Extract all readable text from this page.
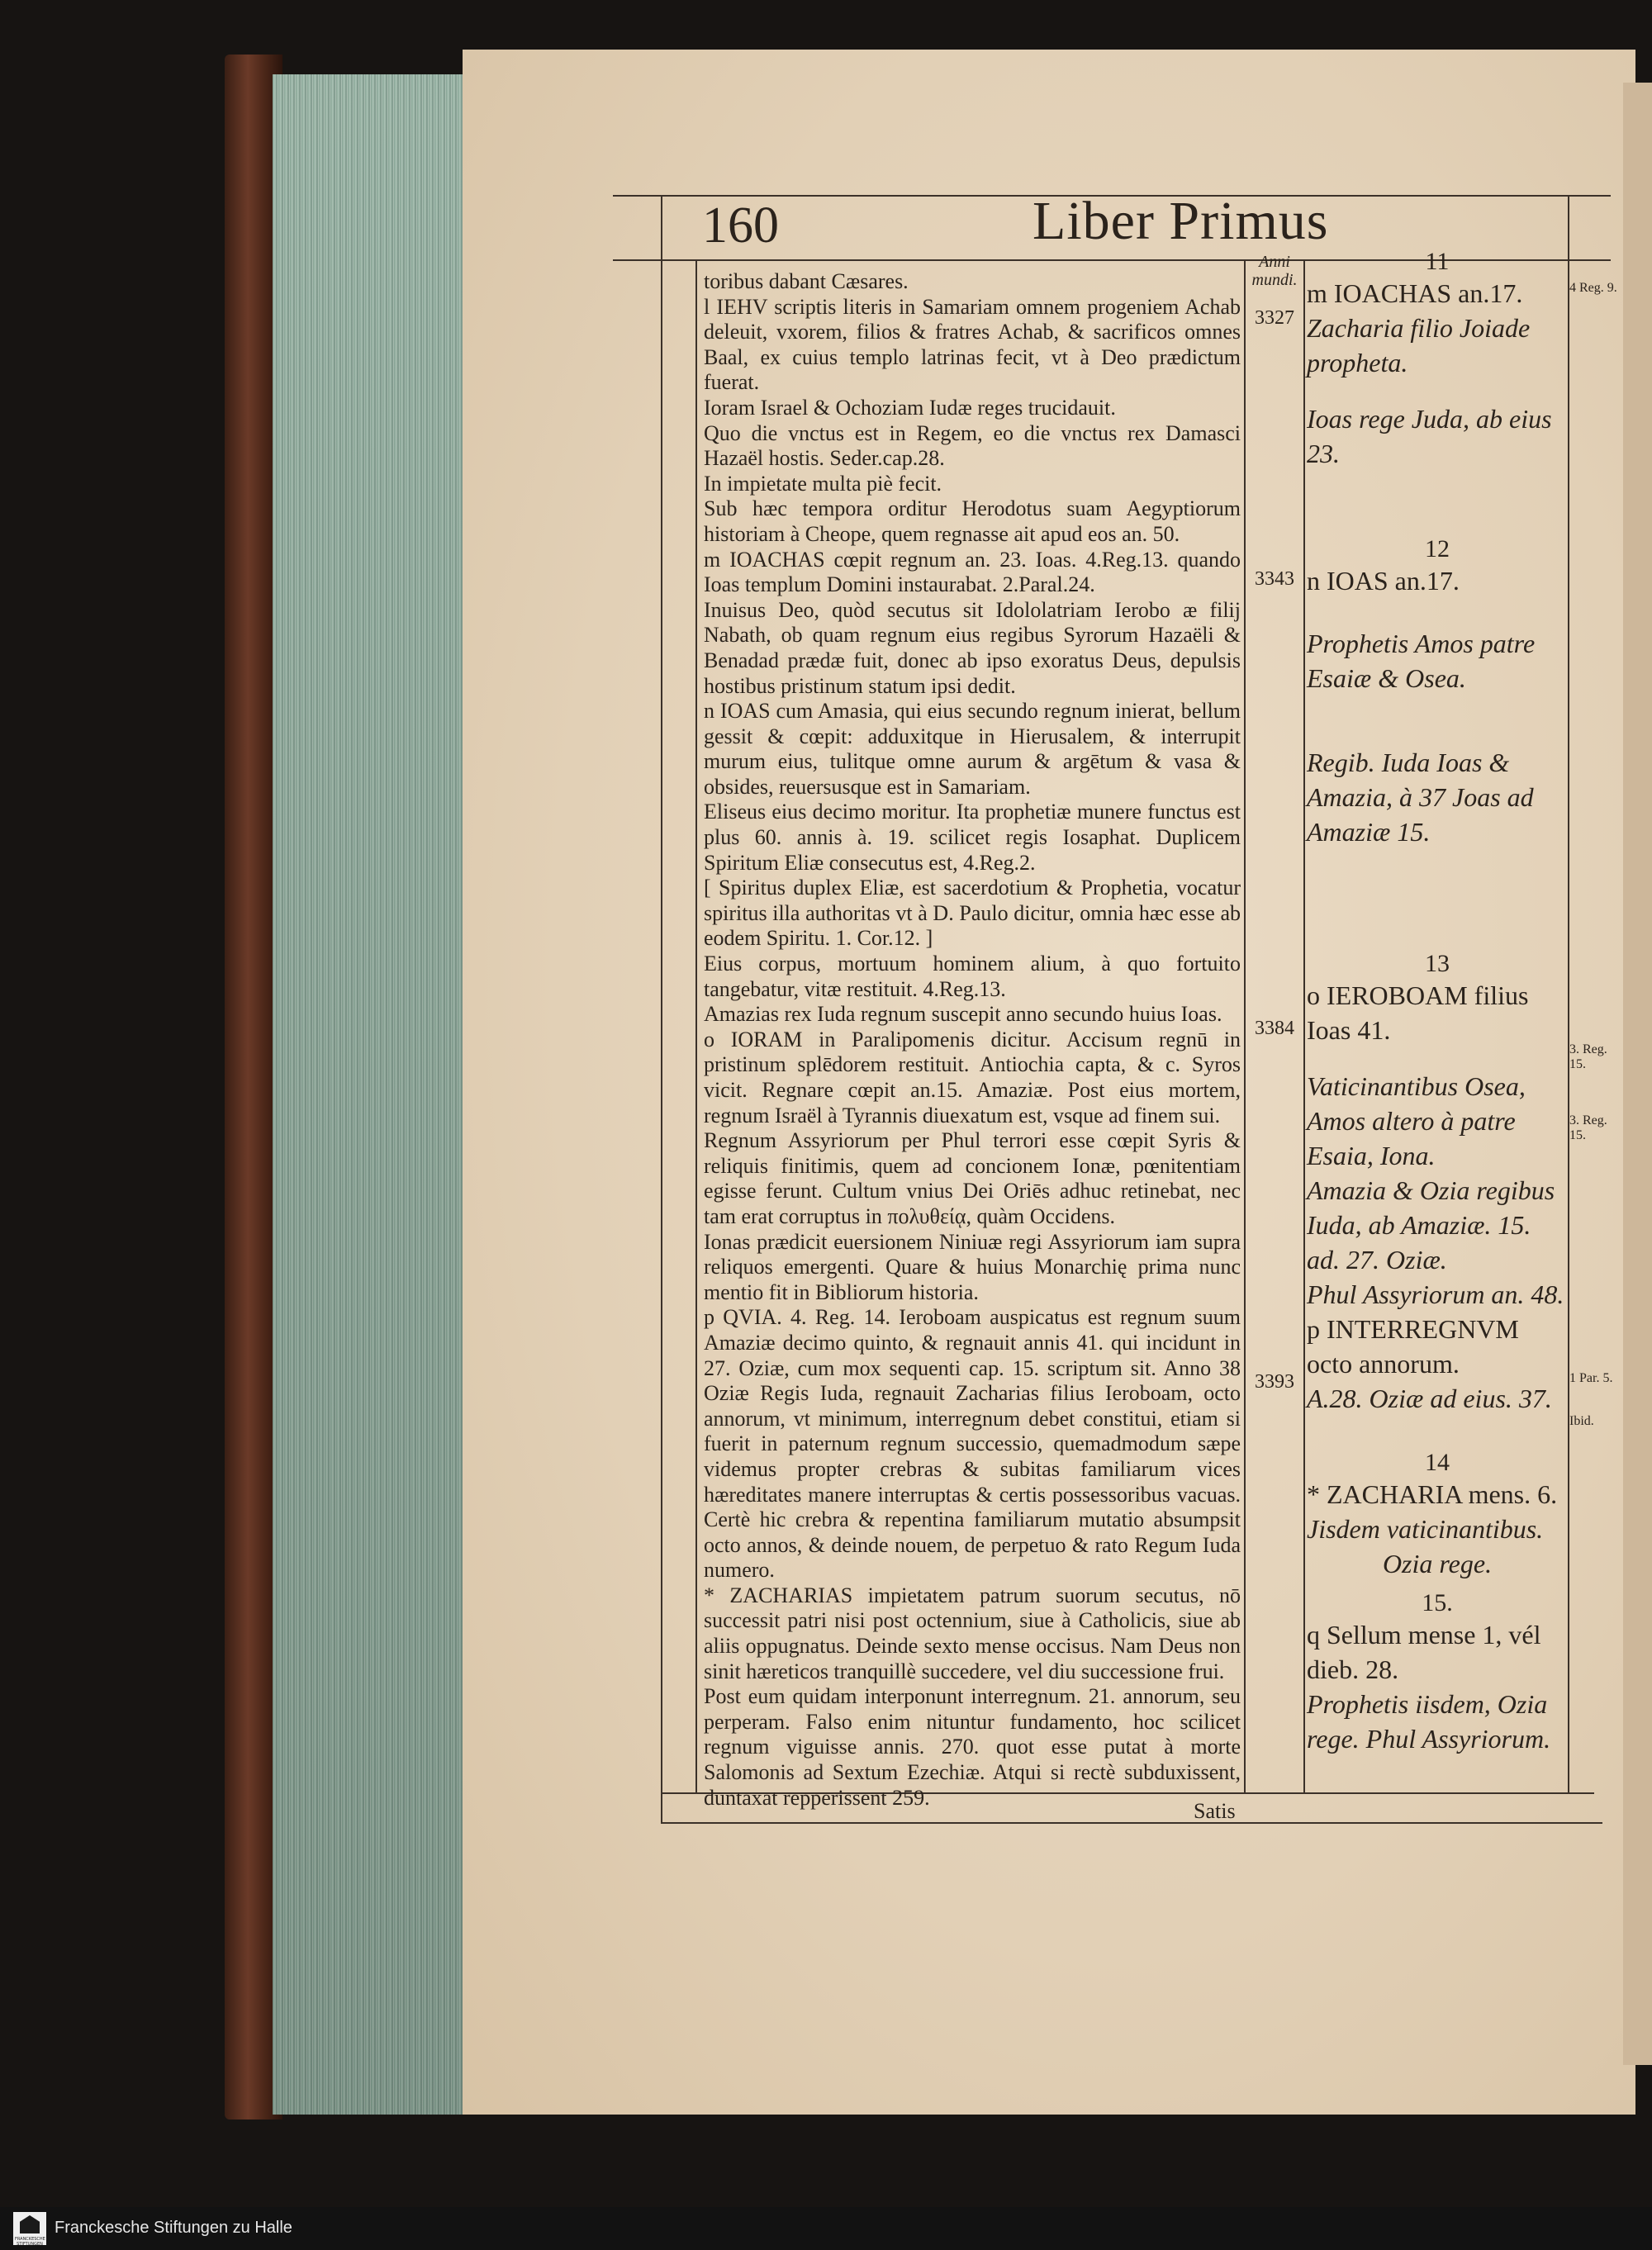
160	Liber Primus

toribus dabant Cæsares.

l IEHV scriptis literis in Samariam omnem progeniem Achab deleuit, vxorem, filios & fratres Achab, & sacrificos omnes Baal, ex cuius templo latrinas fecit, vt à Deo prædictum fuerat.

Ioram Israel & Ochoziam Iudæ reges trucidauit.

Quo die vnctus est in Regem, eo die vnctus rex Damasci Hazaël hostis. Seder.cap.28.

In impietate multa piè fecit.

Sub hæc tempora orditur Herodotus suam Aegyptiorum historiam à Cheope, quem regnasse ait apud eos an. 50.

m IOACHAS cœpit regnum an. 23. Ioas. 4.Reg.13. quando Ioas templum Domini instaurabat. 2.Paral.24.

Inuisus Deo, quòd secutus sit Idololatriam Ierobo æ filij Nabath, ob quam regnum eius regibus Syrorum Hazaëli & Benadad prædæ fuit, donec ab ipso exoratus Deus, depulsis hostibus pristinum statum ipsi dedit.

n IOAS cum Amasia, qui eius secundo regnum inierat, bellum gessit & cœpit: adduxitque in Hierusalem, & interrupit murum eius, tulitque omne aurum & argētum & vasa & obsides, reuersusque est in Samariam.

Eliseus eius decimo moritur. Ita prophetiæ munere functus est plus 60. annis à. 19. scilicet regis Iosaphat. Duplicem Spiritum Eliæ consecutus est, 4.Reg.2.

[ Spiritus duplex Eliæ, est sacerdotium & Prophetia, vocatur spiritus illa authoritas vt à D. Paulo dicitur, omnia hæc esse ab eodem Spiritu. 1. Cor.12. ]

Eius corpus, mortuum hominem alium, à quo fortuito tangebatur, vitæ restituit. 4.Reg.13.

Amazias rex Iuda regnum suscepit anno secundo huius Ioas.

o IORAM in Paralipomenis dicitur. Accisum regnū in pristinum splēdorem restituit. Antiochia capta, & c. Syros vicit. Regnare cœpit an.15. Amaziæ. Post eius mortem, regnum Israël à Tyrannis diuexatum est, vsque ad finem sui.

Regnum Assyriorum per Phul terrori esse cœpit Syris & reliquis finitimis, quem ad concionem Ionæ, pœnitentiam egisse ferunt. Cultum vnius Dei Oriēs adhuc retinebat, nec tam erat corruptus in πολυθείᾳ, quàm Occidens.

Ionas prædicit euersionem Niniuæ regi Assyriorum iam supra reliquos emergenti. Quare & huius Monarchię prima nunc mentio fit in Bibliorum historia.

p QVIA. 4. Reg. 14. Ieroboam auspicatus est regnum suum Amaziæ decimo quinto, & regnauit annis 41. qui incidunt in 27. Oziæ, cum mox sequenti cap. 15. scriptum sit. Anno 38 Oziæ Regis Iuda, regnauit Zacharias filius Ieroboam, octo annorum, vt minimum, interregnum debet constitui, etiam si fuerit in paternum regnum successio, quemadmodum sæpe videmus propter crebras & subitas familiarum vices hæreditates manere interruptas & certis possessoribus vacuas. Certè hic crebra & repentina familiarum mutatio absumpsit octo annos, & deinde nouem, de perpetuo & rato Regum Iuda numero.

* ZACHARIAS impietatem patrum suorum secutus, nō successit patri nisi post octennium, siue à Catholicis, siue ab aliis oppugnatus. Deinde sexto mense occisus. Nam Deus non sinit hæreticos tranquillè succedere, vel diu successione frui.

Post eum quidam interponunt interregnum. 21. annorum, seu perperam. Falso enim nituntur fundamento, hoc scilicet regnum viguisse annis. 270. quot esse putat à morte Salomonis ad Sextum Ezechiæ. Atqui si rectè subduxissent, duntaxat repperissent 259.

Anni mundi.
3327
3343
3384
3393
11

m IOACHAS an.17.

Zacharia filio Joiade propheta.

Ioas rege Juda, ab eius 23.

12

n IOAS an.17.

Prophetis Amos patre Esaiæ & Osea.

Regib. Iuda Ioas & Amazia, à 37 Joas ad Amaziæ 15.

13

o IEROBOAM filius Ioas 41.

Vaticinantibus Osea, Amos altero à patre Esaia, Iona.

Amazia & Ozia regibus Iuda, ab Amaziæ. 15. ad. 27. Oziæ.

Phul Assyriorum an. 48.

p INTERREGNVM octo annorum.

A.28. Oziæ ad eius. 37.

14

* ZACHARIA mens. 6.

Jisdem vaticinantibus.

Ozia rege.

15.

q Sellum mense 1, vél dieb. 28.

Prophetis iisdem, Ozia rege. Phul Assyriorum.

4 Reg. 9.
3. Reg. 15.
3. Reg. 15.
1 Par. 5.
Ibid.
Satis
FRANCKESCHE STIFTUNGEN
Franckesche Stiftungen zu Halle
